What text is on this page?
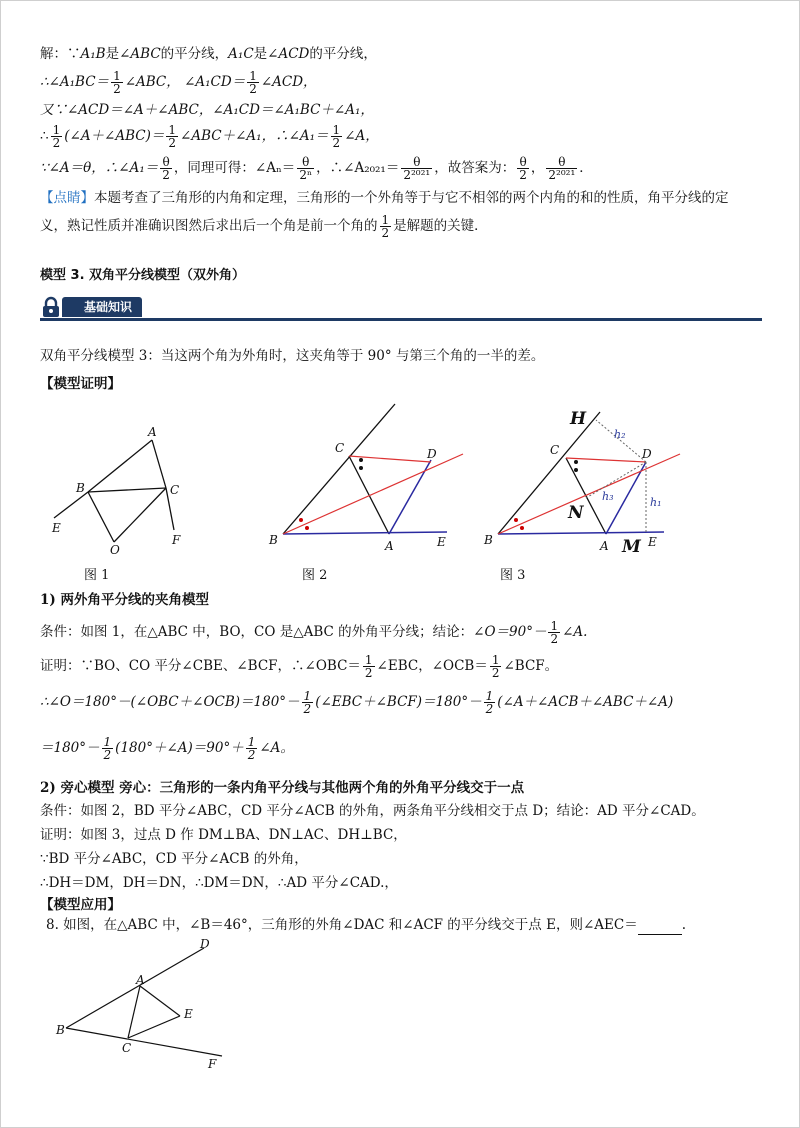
解：∵A₁B是∠ABC的平分线，A₁C是∠ACD的平分线，
∴∠A₁BC＝ $\frac{1}{2}$ ∠ABC， ∠A₁CD＝ $\frac{1}{2}$ ∠ACD，
又∵∠ACD＝∠A＋∠ABC，∠A₁CD＝∠A₁BC＋∠A₁，
∴ $\frac{1}{2}$ (∠A＋∠ABC)＝ $\frac{1}{2}$ ∠ABC＋∠A₁，∴∠A₁＝ $\frac{1}{2}$ ∠A，
∵∠A＝θ，∴∠A₁＝ $\frac{\theta}{2}$ ，同理可得：∠Aₙ＝ $\frac{\theta}{\text{2ⁿ}}$ ，∴∠A₂₀₂₁＝ $\frac{\theta}{\text{2²⁰²¹}}$ ，故答案为： $\frac{\theta}{2}$ ， $\frac{\theta}{\text{2²⁰²¹}}$ ．
【点睛】本题考查了三角形的内角和定理，三角形的一个外角等于与它不相邻的两个内角的和的性质，角平分线的定
义，熟记性质并准确识图然后求出后一个角是前一个角的 $\frac{1}{2}$ 是解题的关键．
模型 3. 双角平分线模型（双外角）
基础知识
双角平分线模型 3：当这两个角为外角时，这夹角等于 90° 与第三个角的一半的差。
【模型证明】
A
B	C
E
O
F
图 1
C	D
B	A	E
图 2
H
N
M
C	D
B	A	E
h₂
h₁
h₃
图 3
1) 两外角平分线的夹角模型
条件：如图 1，在△ABC 中，BO，CO 是△ABC 的外角平分线；结论：∠O＝90°－ $\frac{1}{2}$ ∠A.
证明：∵BO、CO 平分∠CBE、∠BCF，∴∠OBC＝ $\frac{1}{2}$ ∠EBC，∠OCB＝ $\frac{1}{2}$ ∠BCF。
∴∠O＝180°－(∠OBC＋∠OCB)＝180°－ $\frac{1}{2}$ (∠EBC＋∠BCF)＝180°－ $\frac{1}{2}$ (∠A＋∠ACB＋∠ABC＋∠A)
$=180^\circ- \frac{1}{2}$ (180°＋∠A)＝90°＋ $\frac{1}{2}$ ∠A。
2) 旁心模型 旁心：三角形的一条内角平分线与其他两个角的外角平分线交于一点
条件：如图 2，BD 平分∠ABC，CD 平分∠ACB 的外角，两条角平分线相交于点 D；结论：AD 平分∠CAD。
证明：如图 3，过点 D 作 DM⊥BA、DN⊥AC、DH⊥BC，
∵BD 平分∠ABC，CD 平分∠ACB 的外角，
∴DH＝DM，DH＝DN，∴DM＝DN，∴AD 平分∠CAD.，
【模型应用】
8. 如图，在△ABC 中，∠B＝46°，三角形的外角∠DAC 和∠ACF 的平分线交于点 E，则∠AEC＝	.
D
A
E
B
C
F
